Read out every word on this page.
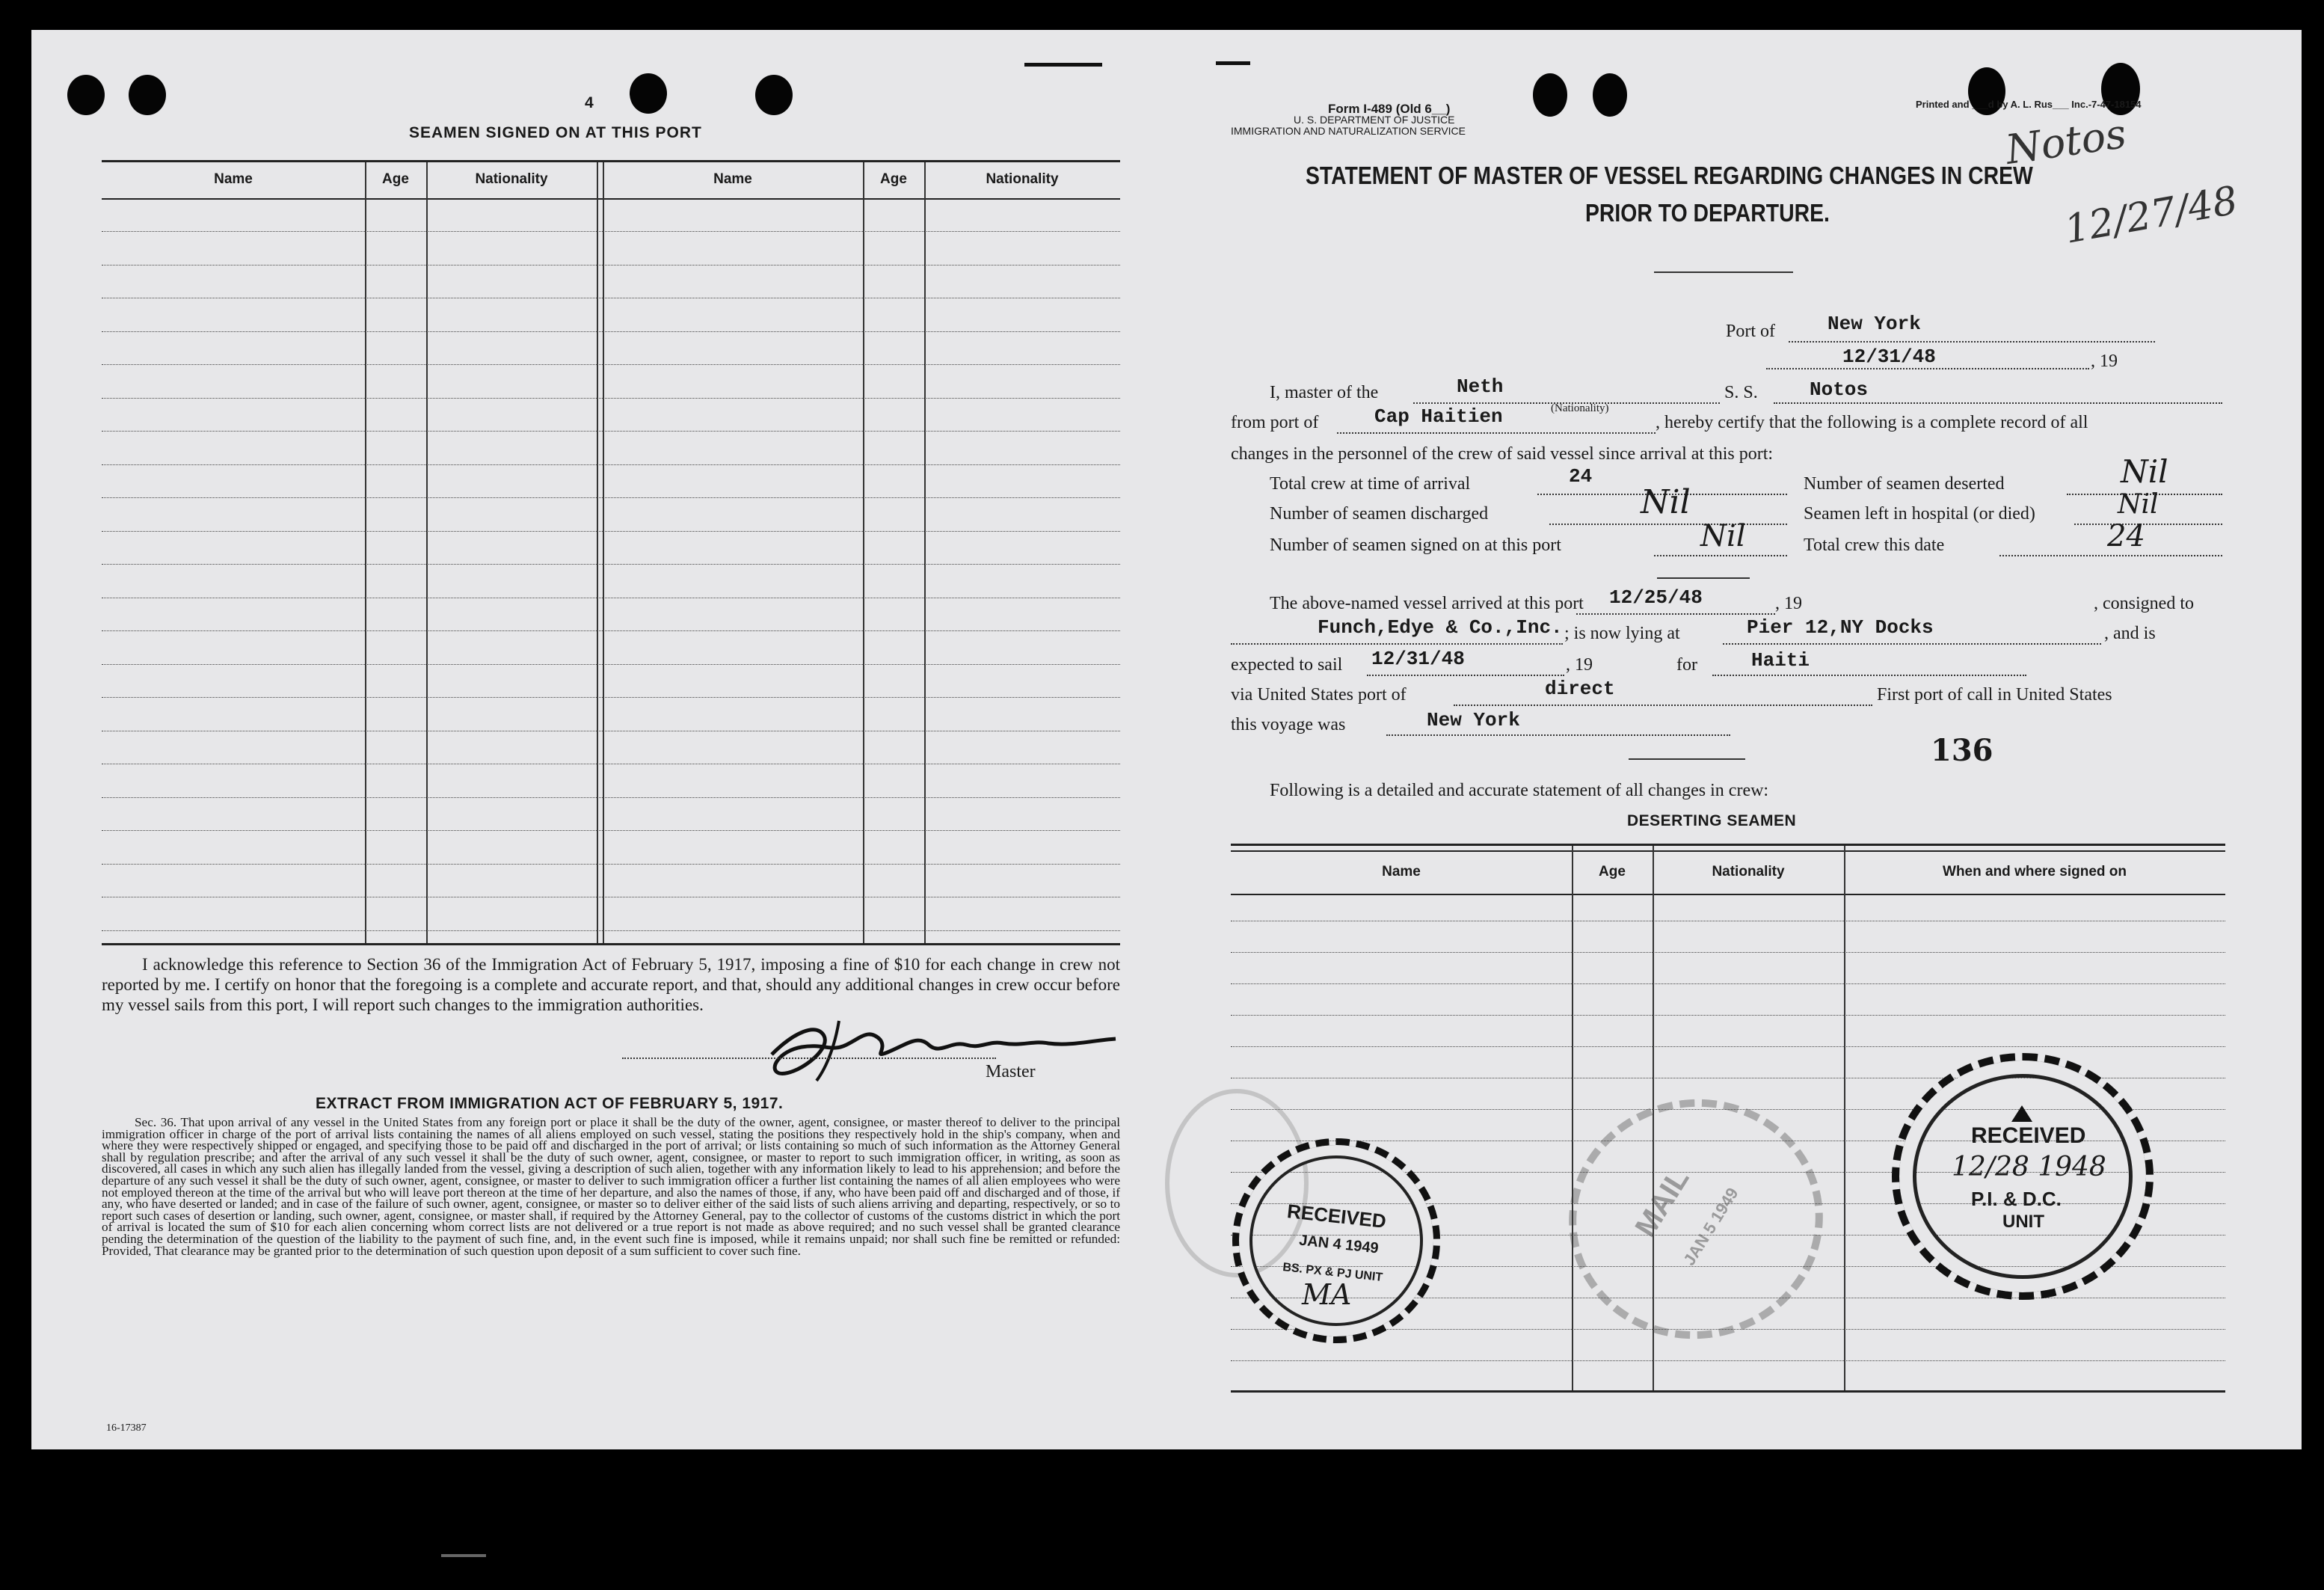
4
SEAMEN SIGNED ON AT THIS PORT
Name	Age	Nationality	Name	Age	Nationality
I acknowledge this reference to Section 36 of the Immigration Act of February 5, 1917, imposing a fine of $10 for each change in crew not reported by me. I certify on honor that the foregoing is a complete and accurate report, and that, should any additional changes in crew occur before my vessel sails from this port, I will report such changes to the immigration authorities.
Master
EXTRACT FROM IMMIGRATION ACT OF FEBRUARY 5, 1917.
Sec. 36. That upon arrival of any vessel in the United States from any foreign port or place it shall be the duty of the owner, agent, consignee, or master thereof to deliver to the principal immigration officer in charge of the port of arrival lists containing the names of all aliens employed on such vessel, stating the positions they respectively hold in the ship's company, when and where they were respectively shipped or engaged, and specifying those to be paid off and discharged in the port of arrival; or lists containing so much of such information as the Attorney General shall by regulation prescribe; and after the arrival of any such vessel it shall be the duty of such owner, agent, consignee, or master to report to such immigration officer, in writing, as soon as discovered, all cases in which any such alien has illegally landed from the vessel, giving a description of such alien, together with any information likely to lead to his apprehension; and before the departure of any such vessel it shall be the duty of such owner, agent, consignee, or master to deliver to such immigration officer a further list containing the names of all alien employees who were not employed thereon at the time of the arrival but who will leave port thereon at the time of her departure, and also the names of those, if any, who have been paid off and discharged and of those, if any, who have deserted or landed; and in case of the failure of such owner, agent, consignee, or master so to deliver either of the said lists of such aliens arriving and departing, respectively, or so to report such cases of desertion or landing, such owner, agent, consignee, or master shall, if required by the Attorney General, pay to the collector of customs of the customs district in which the port of arrival is located the sum of $10 for each alien concerning whom correct lists are not delivered or a true report is not made as above required; and no such vessel shall be granted clearance pending the determination of the question of the liability to the payment of such fine, and, in the event such fine is imposed, while it remains unpaid; nor shall such fine be remitted or refunded: Provided, That clearance may be granted prior to the determination of such question upon deposit of a sum sufficient to cover such fine.
16-17387
Form I-489 (Old 6__)
U. S. DEPARTMENT OF JUSTICE
IMMIGRATION AND NATURALIZATION SERVICE
Printed and ___d by A. L. Rus___ Inc.-7-47-18154
Notos
12/27/48
STATEMENT OF MASTER OF VESSEL REGARDING CHANGES IN CREW
PRIOR TO DEPARTURE.
Port of	New York
12/31/48	, 19
I, master of the	Neth	S. S.	Notos
from port of	Cap Haitien	(Nationality)
, hereby certify that the following is a complete record of all
changes in the personnel of the crew of said vessel since arrival at this port:
Total crew at time of arrival	24	Number of seamen deserted	Nil
Number of seamen discharged	Nil	Seamen left in hospital (or died)	Nil
Number of seamen signed on at this port	Nil	Total crew this date	24
The above-named vessel arrived at this port 12/25/48	, 19	, consigned to
Funch,Edye & Co.,Inc. ; is now lying at	Pier 12,NY Docks	, and is
expected to sail 12/31/48	, 19	for	Haiti
via United States port of	direct	First port of call in United States
this voyage was	New York
136
Following is a detailed and accurate statement of all changes in crew:
DESERTING SEAMEN
Name	Age	Nationality	When and where signed on
RECEIVED
JAN 4 1949
BS. PX & PJ UNIT
MA
MAIL
JAN 5 1949
RECEIVED
12/28 1948
P.I. & D.C.
UNIT
